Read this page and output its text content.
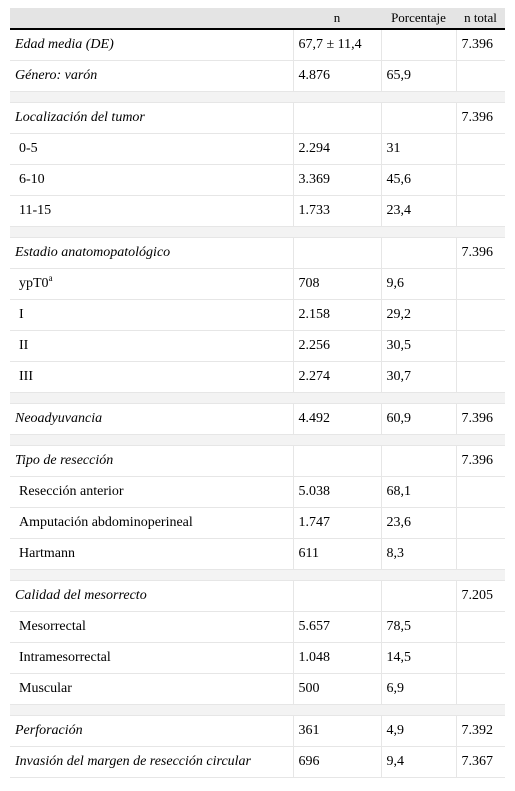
	n	Porcentaje	n total
Edad media (DE)	67,7 ± 11,4		7.396
Género: varón	4.876	65,9	

Localización del tumor			7.396
0-5	2.294	31	
6-10	3.369	45,6	
11-15	1.733	23,4	

Estadio anatomopatológico			7.396
ypT0$^a$	708	9,6	
I	2.158	29,2	
II	2.256	30,5	
III	2.274	30,7	

Neoadyuvancia	4.492	60,9	7.396

Tipo de resección			7.396
Resección anterior	5.038	68,1	
Amputación abdominoperineal	1.747	23,6	
Hartmann	611	8,3	

Calidad del mesorrecto			7.205
Mesorrectal	5.657	78,5	
Intramesorrectal	1.048	14,5	
Muscular	500	6,9	

Perforación	361	4,9	7.392
Invasión del margen de resección circular	696	9,4	7.367
